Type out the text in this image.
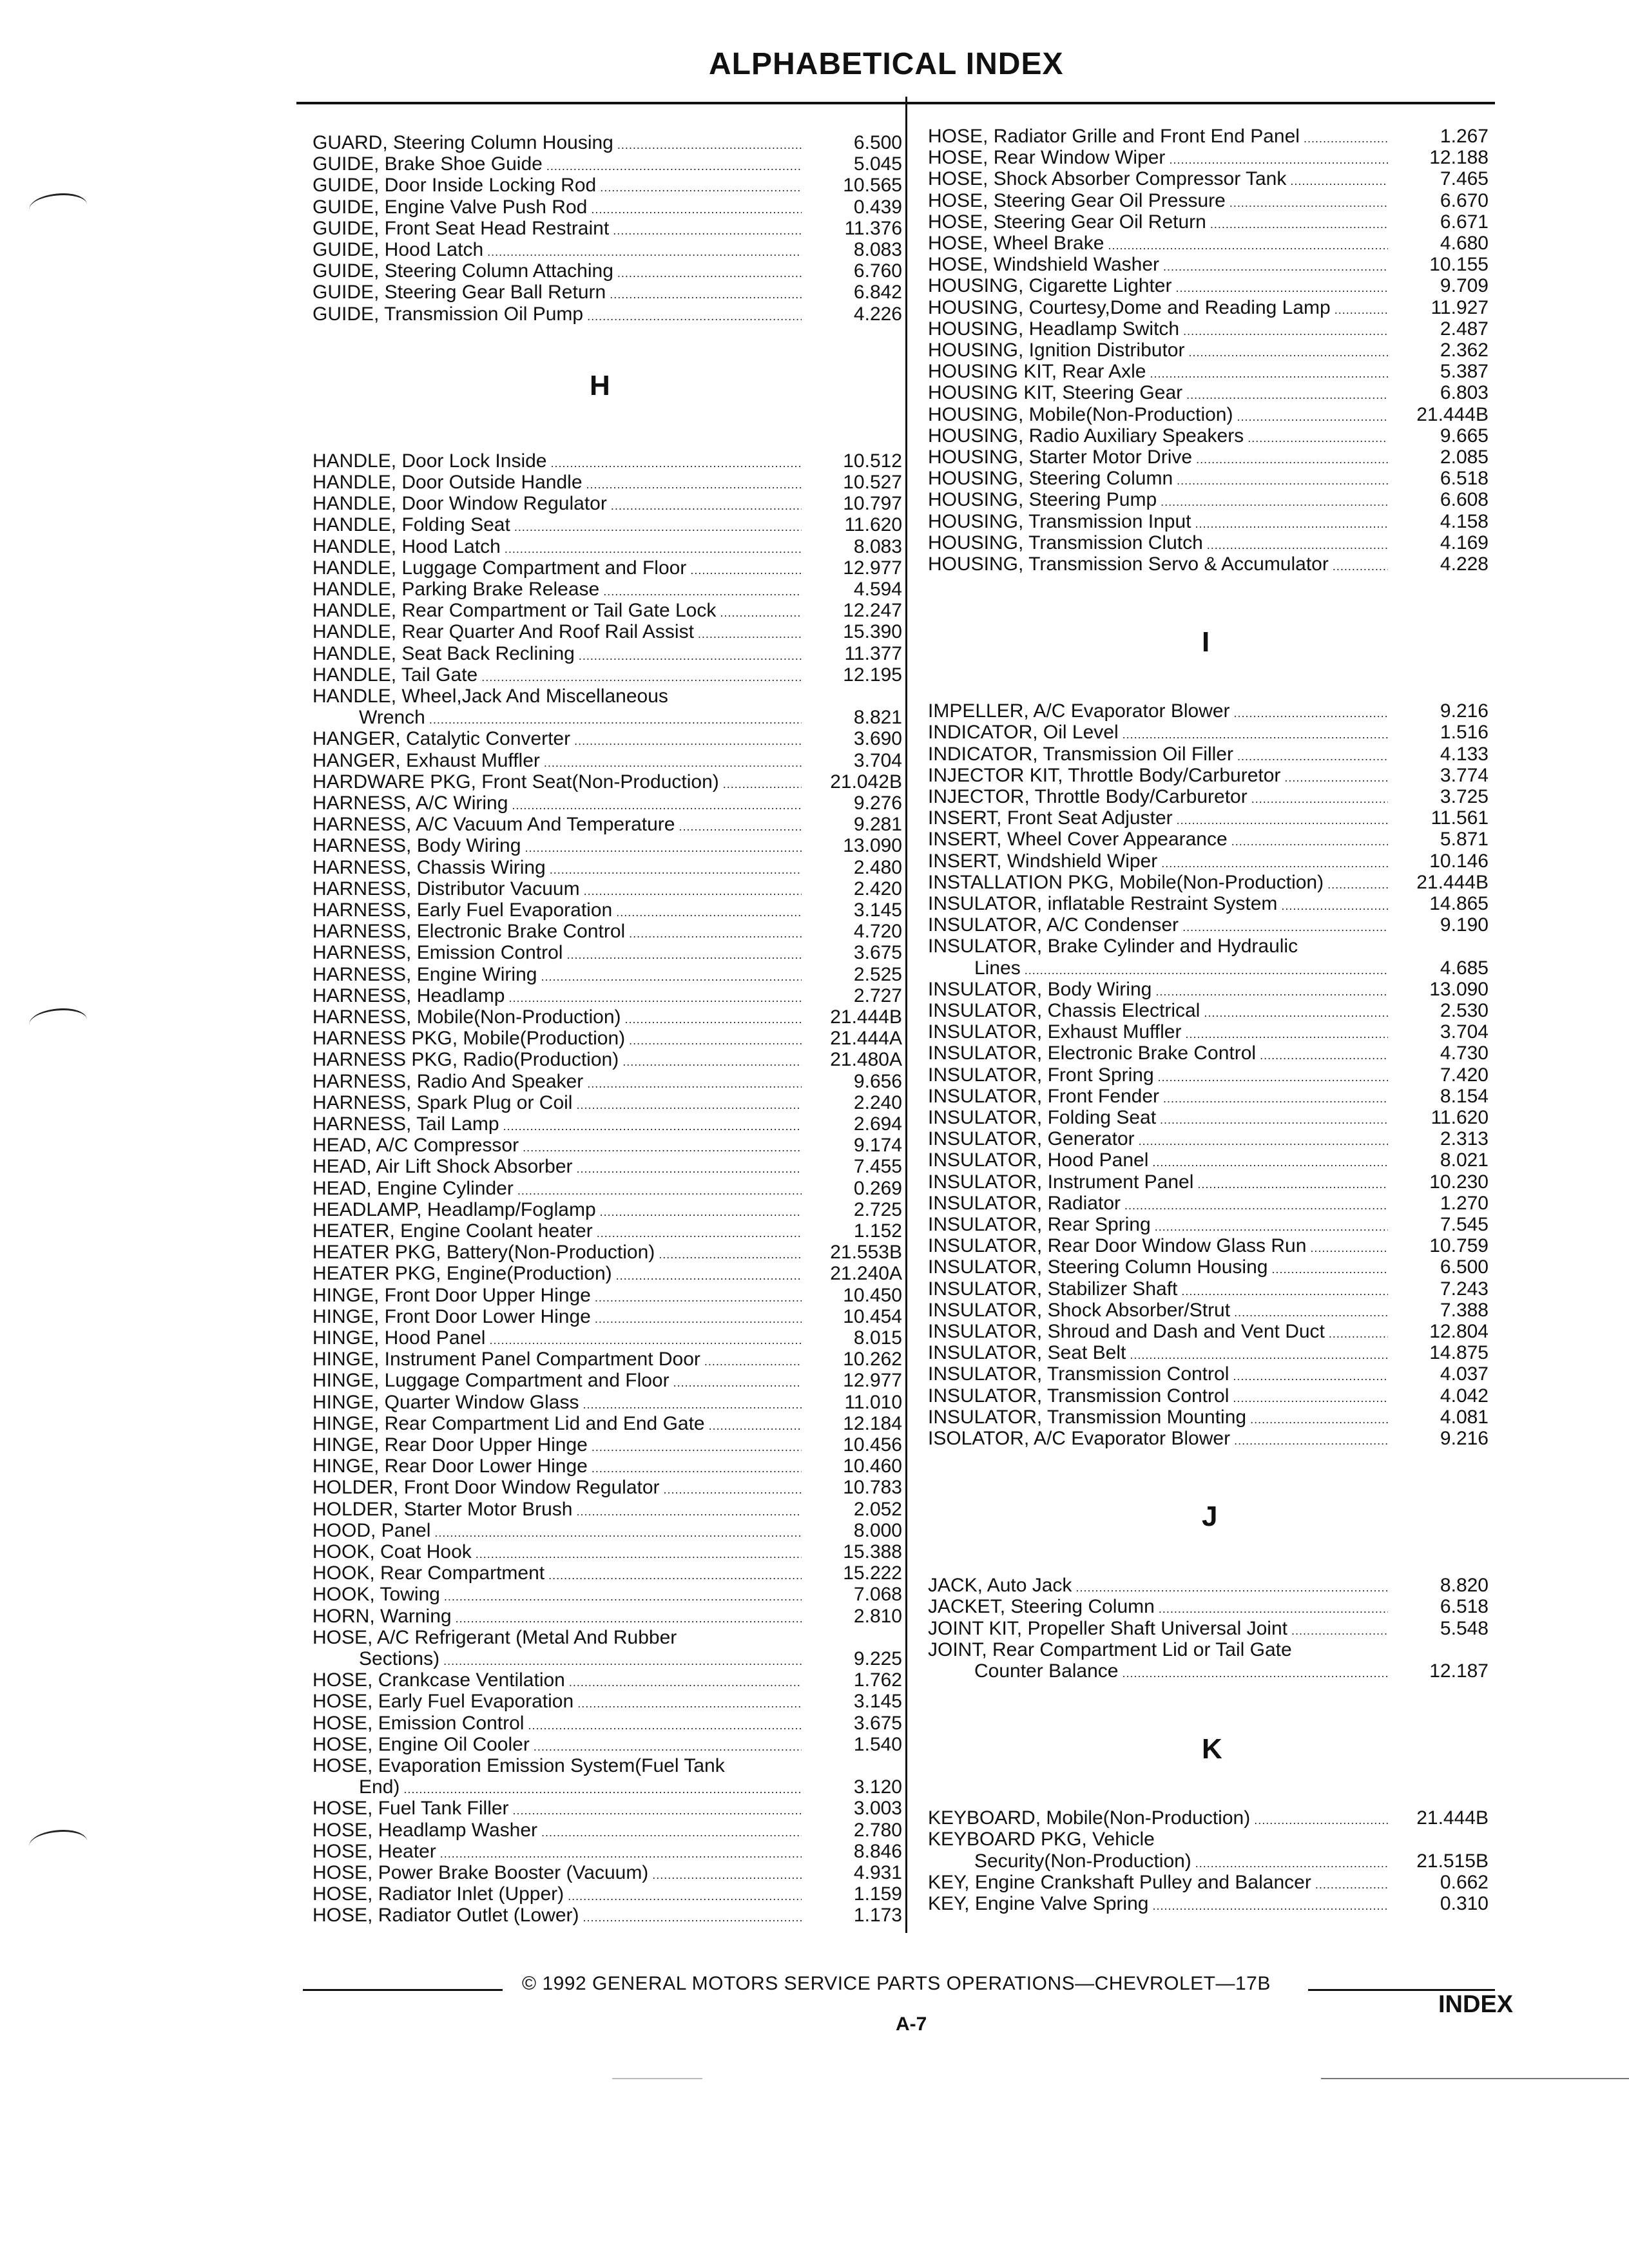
ALPHABETICAL INDEX
GUARD, Steering Column Housing .....	6.500
GUIDE, Brake Shoe Guide .....	5.045
GUIDE, Door Inside Locking Rod .....	10.565
GUIDE, Engine Valve Push Rod .....	0.439
GUIDE, Front Seat Head Restraint .....	11.376
GUIDE, Hood Latch .....	8.083
GUIDE, Steering Column Attaching .....	6.760
GUIDE, Steering Gear Ball Return .....	6.842
GUIDE, Transmission Oil Pump .....	4.226
H
HANDLE, Door Lock Inside .....	10.512
HANDLE, Door Outside Handle .....	10.527
HANDLE, Door Window Regulator .....	10.797
HANDLE, Folding Seat .....	11.620
HANDLE, Hood Latch .....	8.083
HANDLE, Luggage Compartment and Floor .....	12.977
HANDLE, Parking Brake Release .....	4.594
HANDLE, Rear Compartment or Tail Gate Lock .....	12.247
HANDLE, Rear Quarter And Roof Rail Assist .....	15.390
HANDLE, Seat Back Reclining .....	11.377
HANDLE, Tail Gate .....	12.195
HANDLE, Wheel,Jack And Miscellaneous
Wrench .....	8.821
HANGER, Catalytic Converter .....	3.690
HANGER, Exhaust Muffler .....	3.704
HARDWARE PKG, Front Seat(Non-Production) .....	21.042B
HARNESS, A/C Wiring .....	9.276
HARNESS, A/C Vacuum And Temperature .....	9.281
HARNESS, Body Wiring .....	13.090
HARNESS, Chassis Wiring .....	2.480
HARNESS, Distributor Vacuum .....	2.420
HARNESS, Early Fuel Evaporation .....	3.145
HARNESS, Electronic Brake Control .....	4.720
HARNESS, Emission Control .....	3.675
HARNESS, Engine Wiring .....	2.525
HARNESS, Headlamp .....	2.727
HARNESS, Mobile(Non-Production) .....	21.444B
HARNESS PKG, Mobile(Production) .....	21.444A
HARNESS PKG, Radio(Production) .....	21.480A
HARNESS, Radio And Speaker .....	9.656
HARNESS, Spark Plug or Coil .....	2.240
HARNESS, Tail Lamp .....	2.694
HEAD, A/C Compressor .....	9.174
HEAD, Air Lift Shock Absorber .....	7.455
HEAD, Engine Cylinder .....	0.269
HEADLAMP, Headlamp/Foglamp .....	2.725
HEATER, Engine Coolant heater .....	1.152
HEATER PKG, Battery(Non-Production) .....	21.553B
HEATER PKG, Engine(Production) .....	21.240A
HINGE, Front Door Upper Hinge .....	10.450
HINGE, Front Door Lower Hinge .....	10.454
HINGE, Hood Panel .....	8.015
HINGE, Instrument Panel Compartment Door .....	10.262
HINGE, Luggage Compartment and Floor .....	12.977
HINGE, Quarter Window Glass .....	11.010
HINGE, Rear Compartment Lid and End Gate .....	12.184
HINGE, Rear Door Upper Hinge .....	10.456
HINGE, Rear Door Lower Hinge .....	10.460
HOLDER, Front Door Window Regulator .....	10.783
HOLDER, Starter Motor Brush .....	2.052
HOOD, Panel .....	8.000
HOOK, Coat Hook .....	15.388
HOOK, Rear Compartment .....	15.222
HOOK, Towing .....	7.068
HORN, Warning .....	2.810
HOSE, A/C Refrigerant (Metal And Rubber
Sections) .....	9.225
HOSE, Crankcase Ventilation .....	1.762
HOSE, Early Fuel Evaporation .....	3.145
HOSE, Emission Control .....	3.675
HOSE, Engine Oil Cooler .....	1.540
HOSE, Evaporation Emission System(Fuel Tank
End) .....	3.120
HOSE, Fuel Tank Filler .....	3.003
HOSE, Headlamp Washer .....	2.780
HOSE, Heater .....	8.846
HOSE, Power Brake Booster (Vacuum) .....	4.931
HOSE, Radiator Inlet (Upper) .....	1.159
HOSE, Radiator Outlet (Lower) .....	1.173
HOSE, Radiator Grille and Front End Panel .....	1.267
HOSE, Rear Window Wiper .....	12.188
HOSE, Shock Absorber Compressor Tank .....	7.465
HOSE, Steering Gear Oil Pressure .....	6.670
HOSE, Steering Gear Oil Return .....	6.671
HOSE, Wheel Brake .....	4.680
HOSE, Windshield Washer .....	10.155
HOUSING, Cigarette Lighter .....	9.709
HOUSING, Courtesy,Dome and Reading Lamp .....	11.927
HOUSING, Headlamp Switch .....	2.487
HOUSING, Ignition Distributor .....	2.362
HOUSING KIT, Rear Axle .....	5.387
HOUSING KIT, Steering Gear .....	6.803
HOUSING, Mobile(Non-Production) .....	21.444B
HOUSING, Radio Auxiliary Speakers .....	9.665
HOUSING, Starter Motor Drive .....	2.085
HOUSING, Steering Column .....	6.518
HOUSING, Steering Pump .....	6.608
HOUSING, Transmission Input .....	4.158
HOUSING, Transmission Clutch .....	4.169
HOUSING, Transmission Servo & Accumulator .....	4.228
I
IMPELLER, A/C Evaporator Blower .....	9.216
INDICATOR, Oil Level .....	1.516
INDICATOR, Transmission Oil Filler .....	4.133
INJECTOR KIT, Throttle Body/Carburetor .....	3.774
INJECTOR, Throttle Body/Carburetor .....	3.725
INSERT, Front Seat Adjuster .....	11.561
INSERT, Wheel Cover Appearance .....	5.871
INSERT, Windshield Wiper .....	10.146
INSTALLATION PKG, Mobile(Non-Production) .....	21.444B
INSULATOR, inflatable Restraint System .....	14.865
INSULATOR, A/C Condenser .....	9.190
INSULATOR, Brake Cylinder and Hydraulic
Lines .....	4.685
INSULATOR, Body Wiring .....	13.090
INSULATOR, Chassis Electrical .....	2.530
INSULATOR, Exhaust Muffler .....	3.704
INSULATOR, Electronic Brake Control .....	4.730
INSULATOR, Front Spring .....	7.420
INSULATOR, Front Fender .....	8.154
INSULATOR, Folding Seat .....	11.620
INSULATOR, Generator .....	2.313
INSULATOR, Hood Panel .....	8.021
INSULATOR, Instrument Panel .....	10.230
INSULATOR, Radiator .....	1.270
INSULATOR, Rear Spring .....	7.545
INSULATOR, Rear Door Window Glass Run .....	10.759
INSULATOR, Steering Column Housing .....	6.500
INSULATOR, Stabilizer Shaft .....	7.243
INSULATOR, Shock Absorber/Strut .....	7.388
INSULATOR, Shroud and Dash and Vent Duct .....	12.804
INSULATOR, Seat Belt .....	14.875
INSULATOR, Transmission Control .....	4.037
INSULATOR, Transmission Control .....	4.042
INSULATOR, Transmission Mounting .....	4.081
ISOLATOR, A/C Evaporator Blower .....	9.216
J
JACK, Auto Jack .....	8.820
JACKET, Steering Column .....	6.518
JOINT KIT, Propeller Shaft Universal Joint .....	5.548
JOINT, Rear Compartment Lid or Tail Gate
Counter Balance .....	12.187
K
KEYBOARD, Mobile(Non-Production) .....	21.444B
KEYBOARD PKG, Vehicle
Security(Non-Production) .....	21.515B
KEY, Engine Crankshaft Pulley and Balancer .....	0.662
KEY, Engine Valve Spring .....	0.310
© 1992 GENERAL MOTORS SERVICE PARTS OPERATIONS—CHEVROLET—17B
A-7
INDEX
